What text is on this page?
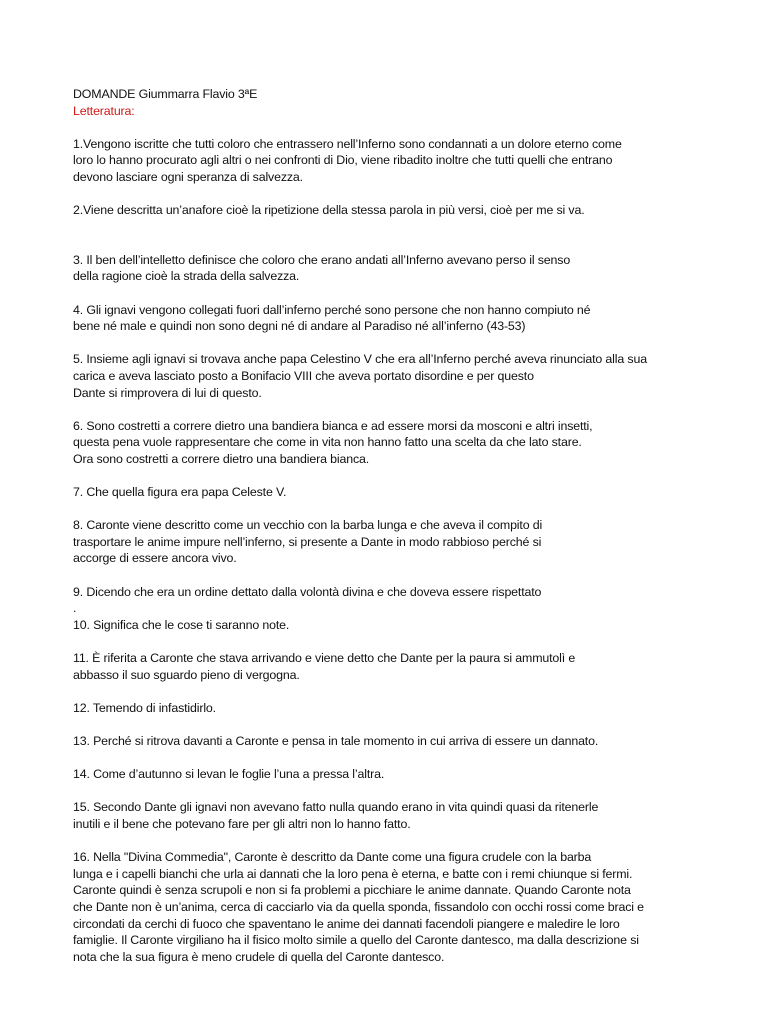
DOMANDE Giummarra Flavio 3ªE
Letteratura:
1.Vengono iscritte che tutti coloro che entrassero nell’Inferno sono condannati a un dolore eterno come
loro lo hanno procurato agli altri o nei confronti di Dio, viene ribadito inoltre che tutti quelli che entrano
devono lasciare ogni speranza di salvezza.
2.Viene descritta un’anafore cioè la ripetizione della stessa parola in più versi, cioè per me si va.
3. Il ben dell’intelletto definisce che coloro che erano andati all’Inferno avevano perso il senso
della ragione cioè la strada della salvezza.
4. Gli ignavi vengono collegati fuori dall’inferno perché sono persone che non hanno compiuto né
bene né male e quindi non sono degni né di andare al Paradiso né all’inferno (43-53)
5. Insieme agli ignavi si trovava anche papa Celestino V che era all’Inferno perché aveva rinunciato alla sua
carica e aveva lasciato posto a Bonifacio VIII che aveva portato disordine e per questo
Dante si rimprovera di lui di questo.
6. Sono costretti a correre dietro una bandiera bianca e ad essere morsi da mosconi e altri insetti,
questa pena vuole rappresentare che come in vita non hanno fatto una scelta da che lato stare.
Ora sono costretti a correre dietro una bandiera bianca.
7. Che quella figura era papa Celeste V.
8. Caronte viene descritto come un vecchio con la barba lunga e che aveva il compito di
trasportare le anime impure nell’inferno, si presente a Dante in modo rabbioso perché si
accorge di essere ancora vivo.
9. Dicendo che era un ordine dettato dalla volontà divina e che doveva essere rispettato
.
10. Significa che le cose ti saranno note.
11. È riferita a Caronte che stava arrivando e viene detto che Dante per la paura si ammutolì e
abbasso il suo sguardo pieno di vergogna.
12. Temendo di infastidirlo.
13. Perché si ritrova davanti a Caronte e pensa in tale momento in cui arriva di essere un dannato.
14. Come d’autunno si levan le foglie l’una a pressa l’altra.
15. Secondo Dante gli ignavi non avevano fatto nulla quando erano in vita quindi quasi da ritenerle
inutili e il bene che potevano fare per gli altri non lo hanno fatto.
16. Nella "Divina Commedia", Caronte è descritto da Dante come una figura crudele con la barba
lunga e i capelli bianchi che urla ai dannati che la loro pena è eterna, e batte con i remi chiunque si fermi.
Caronte quindi è senza scrupoli e non si fa problemi a picchiare le anime dannate. Quando Caronte nota
che Dante non è un’anima, cerca di cacciarlo via da quella sponda, fissandolo con occhi rossi come braci e
circondati da cerchi di fuoco che spaventano le anime dei dannati facendoli piangere e maledire le loro
famiglie. Il Caronte virgiliano ha il fisico molto simile a quello del Caronte dantesco, ma dalla descrizione si
nota che la sua figura è meno crudele di quella del Caronte dantesco.
